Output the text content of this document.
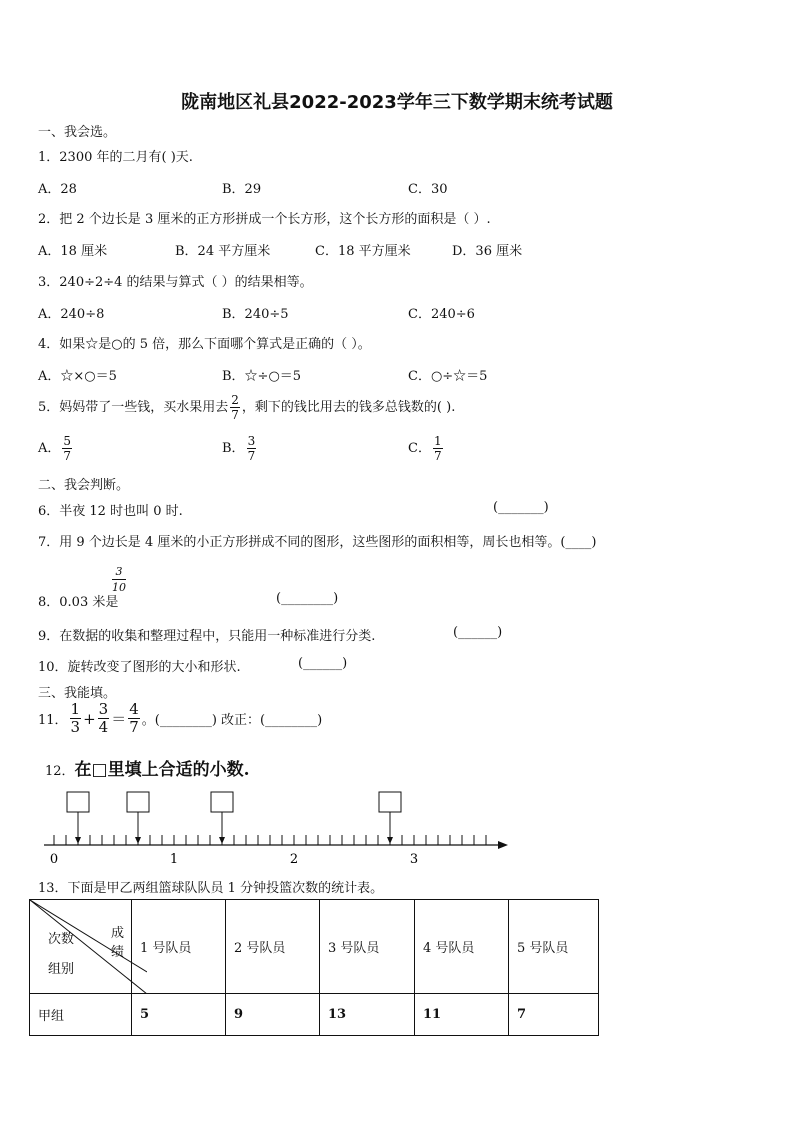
陇南地区礼县2022-2023学年三下数学期末统考试题
一、我会选。
1．2300 年的二月有( )天.
A．28	B．29	C．30
2．把 2 个边长是 3 厘米的正方形拼成一个长方形，这个长方形的面积是（ ）.
A．18 厘米	B．24 平方厘米	C．18 平方厘米	D．36 厘米
3．240÷2÷4 的结果与算式（ ）的结果相等。
A．240÷8	B．240÷5	C．240÷6
4．如果☆是○的 5 倍，那么下面哪个算式是正确的（ ）。
A．☆×○＝5	B．☆÷○＝5	C．○÷☆＝5
5．妈妈带了一些钱，买水果用去 $\frac{2}{7}$ ，剩下的钱比用去的钱多总钱数的( ).
A． $\frac{5}{7}$	B． $\frac{3}{7}$	C． $\frac{1}{7}$
二、我会判断。
6．半夜 12 时也叫 0 时.	(_______)
7．用 9 个边长是 4 厘米的小正方形拼成不同的图形，这些图形的面积相等，周长也相等。(____)
8．0.03 米是
$\frac{3}{10}$
(________)
9．在数据的收集和整理过程中，只能用一种标准进行分类.	(______)
10．旋转改变了图形的大小和形状.	(______)
三、我能填。
11． $\frac{1}{3} + \frac{3}{4} = \frac{4}{7}$ 。(________) 改正：(________)
12．在□里填上合适的小数.
0	1	2	3
13．下面是甲乙两组篮球队队员 1 分钟投篮次数的统计表。
成绩
次数
组别	1 号队员	2 号队员	3 号队员	4 号队员	5 号队员
甲组	5	9	13	11	7
